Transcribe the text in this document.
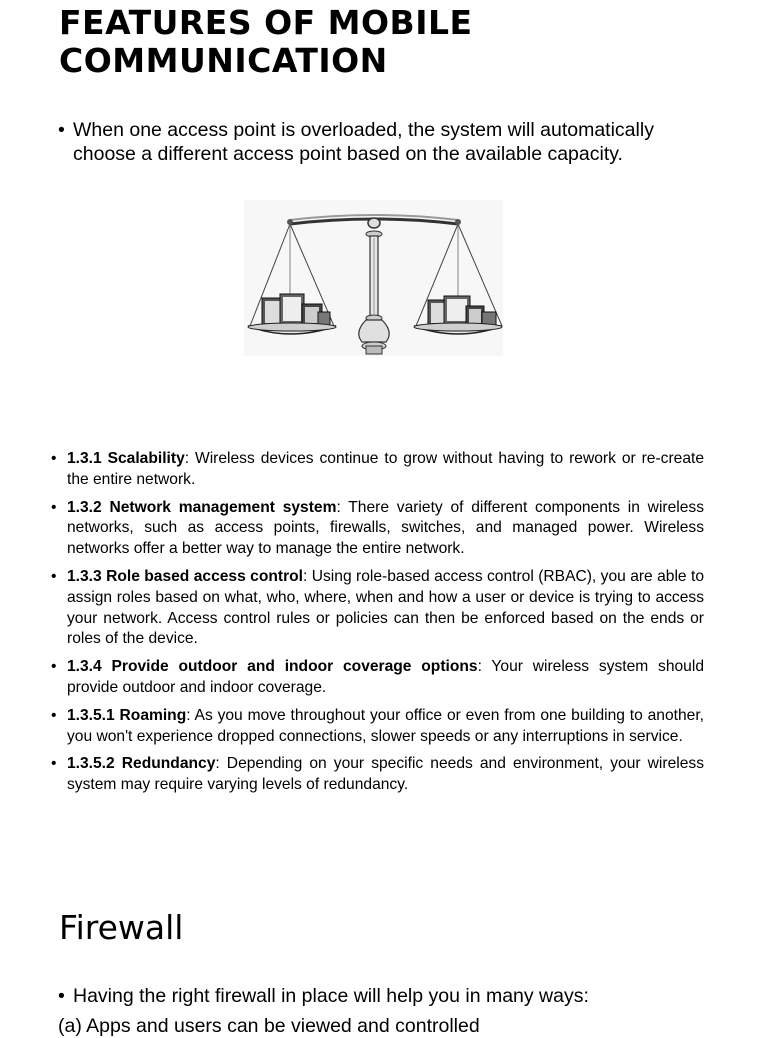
FEATURES OF MOBILE COMMUNICATION
• When one access point is overloaded, the system will automatically choose a different access point based on the available capacity.
• 1.3.1 Scalability: Wireless devices continue to grow without having to rework or re-create the entire network.
• 1.3.2 Network management system: There variety of different components in wireless networks, such as access points, firewalls, switches, and managed power. Wireless networks offer a better way to manage the entire network.
• 1.3.3 Role based access control: Using role-based access control (RBAC), you are able to assign roles based on what, who, where, when and how a user or device is trying to access your network. Access control rules or policies can then be enforced based on the ends or roles of the device.
• 1.3.4 Provide outdoor and indoor coverage options: Your wireless system should provide outdoor and indoor coverage.
• 1.3.5.1 Roaming: As you move throughout your office or even from one building to another, you won't experience dropped connections, slower speeds or any interruptions in service.
• 1.3.5.2 Redundancy: Depending on your specific needs and environment, your wireless system may require varying levels of redundancy.
Firewall
• Having the right firewall in place will help you in many ways:
(a) Apps and users can be viewed and controlled
